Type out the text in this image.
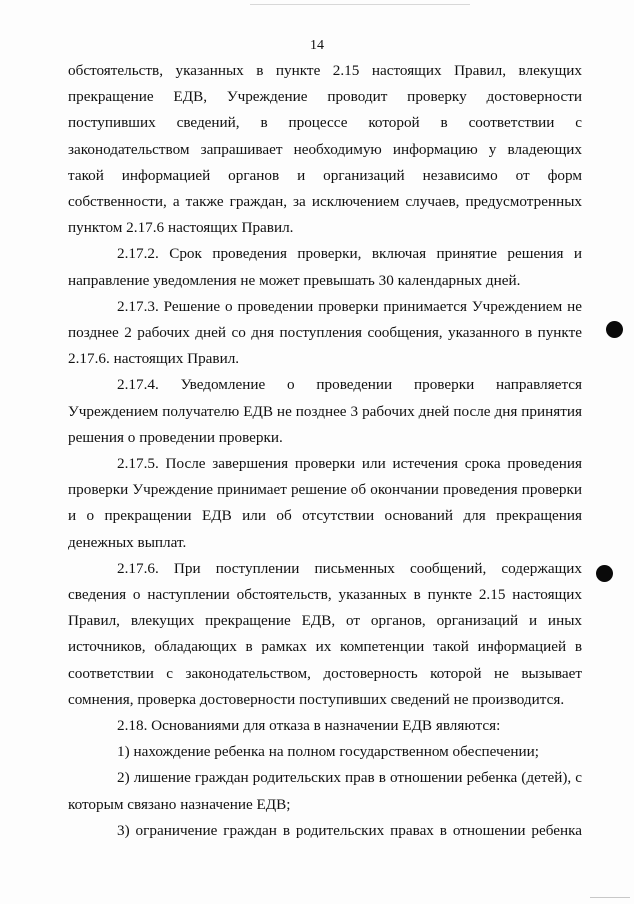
14

обстоятельств, указанных в пункте 2.15 настоящих Правил, влекущих прекращение ЕДВ, Учреждение проводит проверку достоверности поступивших сведений, в процессе которой в соответствии с законодательством запрашивает необходимую информацию у владеющих такой информацией органов и организаций независимо от форм собственности, а также граждан, за исключением случаев, предусмотренных пунктом 2.17.6 настоящих Правил.

2.17.2. Срок проведения проверки, включая принятие решения и направление уведомления не может превышать 30 календарных дней.

2.17.3. Решение о проведении проверки принимается Учреждением не позднее 2 рабочих дней со дня поступления сообщения, указанного в пункте 2.17.6. настоящих Правил.

2.17.4. Уведомление о проведении проверки направляется Учреждением получателю ЕДВ не позднее 3 рабочих дней после дня принятия решения о проведении проверки.

2.17.5. После завершения проверки или истечения срока проведения проверки Учреждение принимает решение об окончании проведения проверки и о прекращении ЕДВ или об отсутствии оснований для прекращения денежных выплат.

2.17.6. При поступлении письменных сообщений, содержащих сведения о наступлении обстоятельств, указанных в пункте 2.15 настоящих Правил, влекущих прекращение ЕДВ, от органов, организаций и иных источников, обладающих в рамках их компетенции такой информацией в соответствии с законодательством, достоверность которой не вызывает сомнения, проверка достоверности поступивших сведений не производится.

2.18. Основаниями для отказа в назначении ЕДВ являются:

1) нахождение ребенка на полном государственном обеспечении;

2) лишение граждан родительских прав в отношении ребенка (детей), с которым связано назначение ЕДВ;

3) ограничение граждан в родительских правах в отношении ребенка
